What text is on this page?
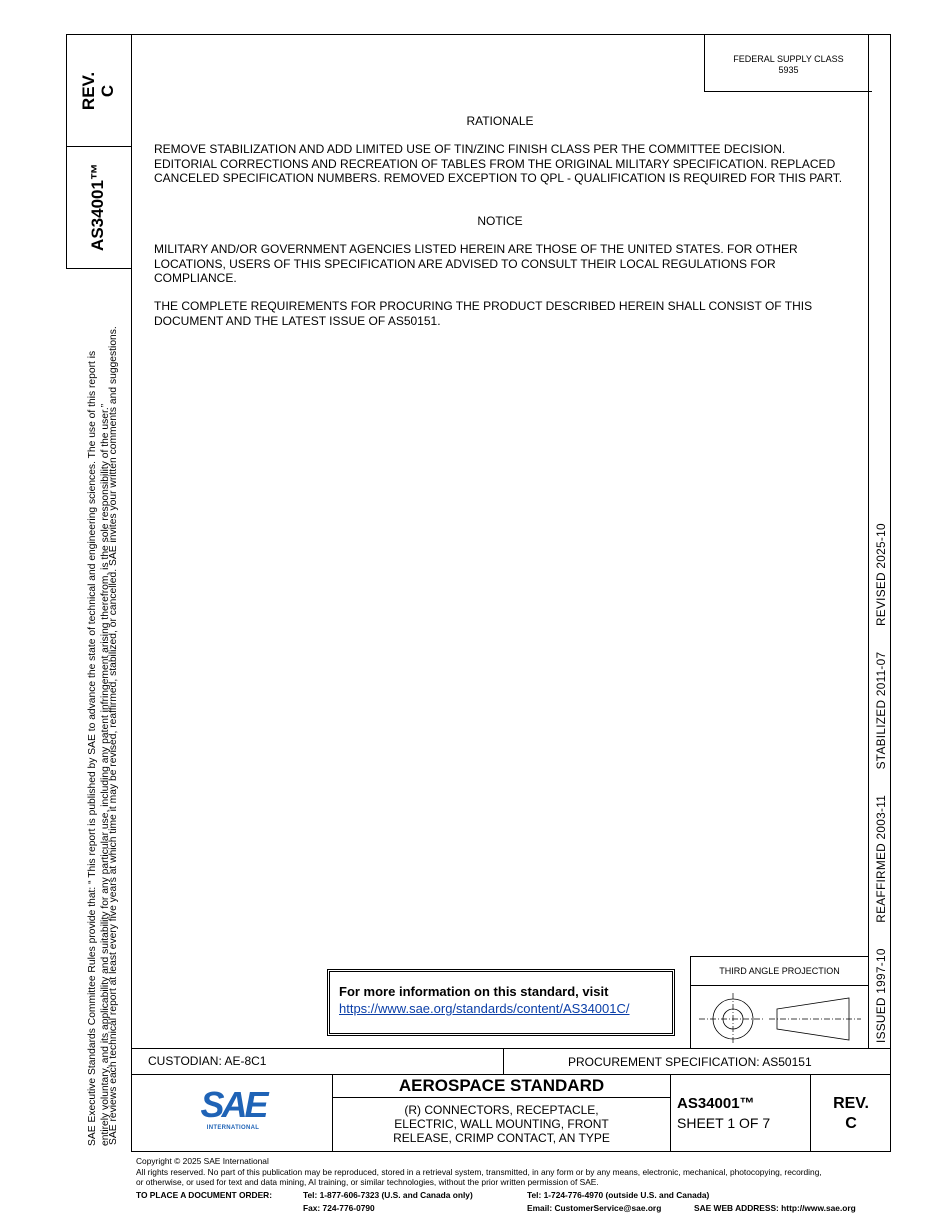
REV. C
AS34001™
SAE Executive Standards Committee Rules provide that: “ This report is published by SAE to advance the state of technical and engineering sciences. The use of this report is entirely voluntary, and its applicability and suitability for any particular use, including any patent infringement arising therefrom, is the sole responsibility of the user.”
SAE reviews each technical report at least every five years at which time it may be revised, reaffirmed, stabilized, or cancelled. SAE invites your written comments and suggestions.	ISSUED 1997-10 REAFFIRMED 2003-11 STABILIZED 2011-07 REVISED 2025-10
FEDERAL SUPPLY CLASS
5935
RATIONALE
REMOVE STABILIZATION AND ADD LIMITED USE OF TIN/ZINC FINISH CLASS PER THE COMMITTEE DECISION. EDITORIAL CORRECTIONS AND RECREATION OF TABLES FROM THE ORIGINAL MILITARY SPECIFICATION. REPLACED CANCELED SPECIFICATION NUMBERS. REMOVED EXCEPTION TO QPL - QUALIFICATION IS REQUIRED FOR THIS PART.
NOTICE
MILITARY AND/OR GOVERNMENT AGENCIES LISTED HEREIN ARE THOSE OF THE UNITED STATES. FOR OTHER LOCATIONS, USERS OF THIS SPECIFICATION ARE ADVISED TO CONSULT THEIR LOCAL REGULATIONS FOR COMPLIANCE.
THE COMPLETE REQUIREMENTS FOR PROCURING THE PRODUCT DESCRIBED HEREIN SHALL CONSIST OF THIS DOCUMENT AND THE LATEST ISSUE OF AS50151.
For more information on this standard, visit
https://www.sae.org/standards/content/AS34001C/
THIRD ANGLE PROJECTION
CUSTODIAN: AE-8C1	PROCUREMENT SPECIFICATION: AS50151
SAE
INTERNATIONAL
AEROSPACE STANDARD
(R) CONNECTORS, RECEPTACLE,
ELECTRIC, WALL MOUNTING, FRONT
RELEASE, CRIMP CONTACT, AN TYPE
AS34001™
SHEET 1 OF 7
REV.
C
Copyright © 2025 SAE International
All rights reserved. No part of this publication may be reproduced, stored in a retrieval system, transmitted, in any form or by any means, electronic, mechanical, photocopying, recording,
or otherwise, or used for text and data mining, AI training, or similar technologies, without the prior written permission of SAE.
TO PLACE A DOCUMENT ORDER:	Tel: 1-877-606-7323 (U.S. and Canada only)	Tel: 1-724-776-4970 (outside U.S. and Canada)
Fax: 724-776-0790	Email: CustomerService@sae.org	SAE WEB ADDRESS: http://www.sae.org
